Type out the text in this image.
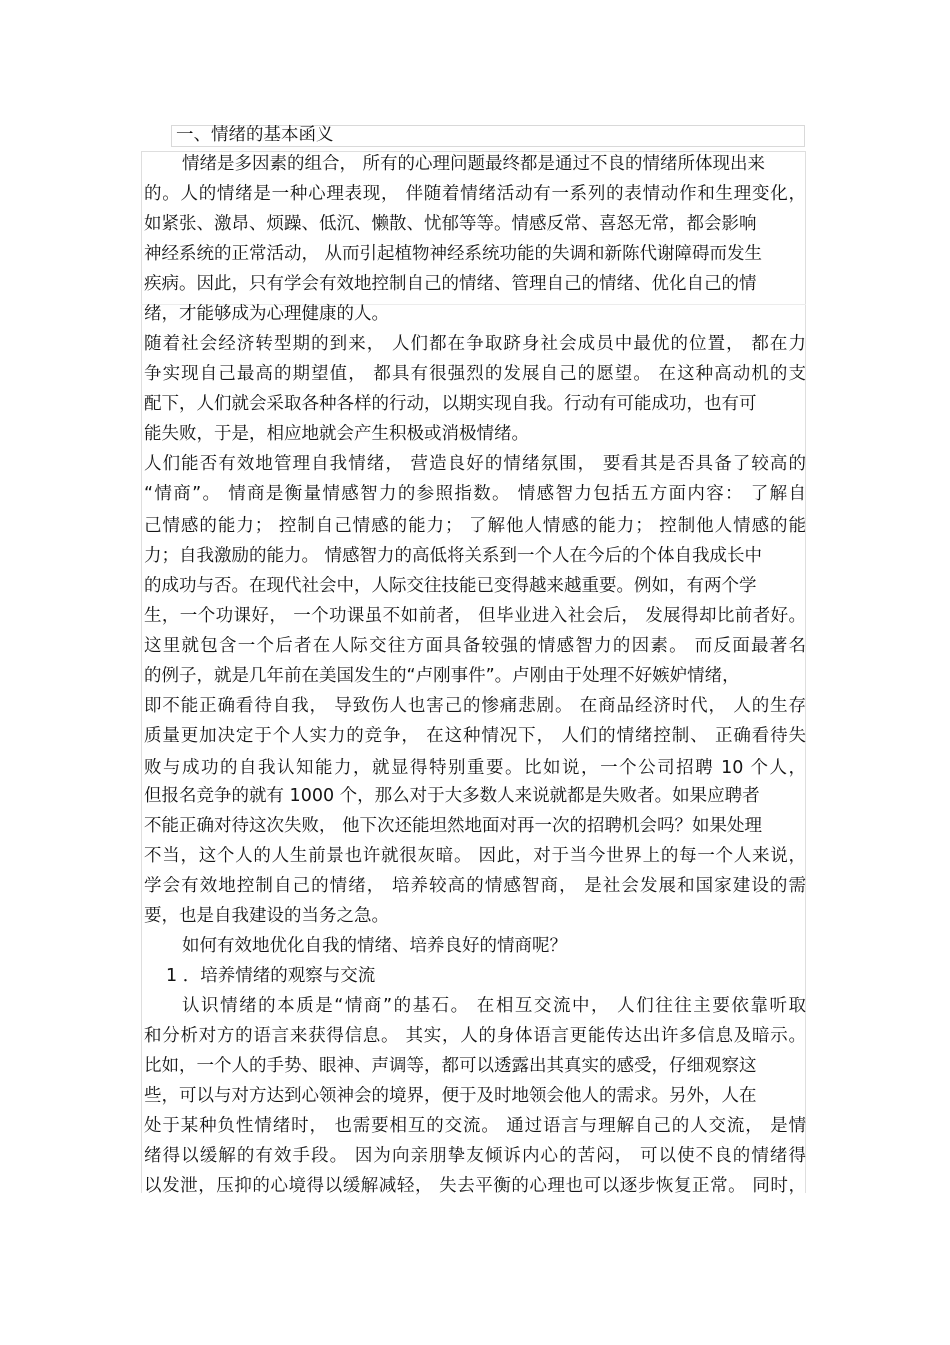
一、情绪的基本函义
情绪是多因素的组合， 所有的心理问题最终都是通过不良的情绪所体现出来
的。人的情绪是一种心理表现， 伴随着情绪活动有一系列的表情动作和生理变化，
如紧张、激昂、烦躁、低沉、懒散、忧郁等等。情感反常、喜怒无常，都会影响
神经系统的正常活动， 从而引起植物神经系统功能的失调和新陈代谢障碍而发生
疾病。因此，只有学会有效地控制自己的情绪、管理自己的情绪、优化自己的情
绪，才能够成为心理健康的人。
随着社会经济转型期的到来， 人们都在争取跻身社会成员中最优的位置， 都在力
争实现自己最高的期望值， 都具有很强烈的发展自己的愿望。 在这种高动机的支
配下，人们就会采取各种各样的行动，以期实现自我。行动有可能成功，也有可
能失败，于是，相应地就会产生积极或消极情绪。
人们能否有效地管理自我情绪， 营造良好的情绪氛围， 要看其是否具备了较高的
“情商”。 情商是衡量情感智力的参照指数。 情感智力包括五方面内容： 了解自
己情感的能力； 控制自己情感的能力； 了解他人情感的能力； 控制他人情感的能
力；自我激励的能力。 情感智力的高低将关系到一个人在今后的个体自我成长中
的成功与否。在现代社会中，人际交往技能已变得越来越重要。例如，有两个学
生，一个功课好， 一个功课虽不如前者， 但毕业进入社会后， 发展得却比前者好。
这里就包含一个后者在人际交往方面具备较强的情感智力的因素。 而反面最著名
的例子，就是几年前在美国发生的“卢刚事件”。卢刚由于处理不好嫉妒情绪，
即不能正确看待自我， 导致伤人也害己的惨痛悲剧。 在商品经济时代， 人的生存
质量更加决定于个人实力的竞争， 在这种情况下， 人们的情绪控制、 正确看待失
败与成功的自我认知能力，就显得特别重要。比如说，一个公司招聘 10 个人，
但报名竞争的就有 1000 个，那么对于大多数人来说就都是失败者。如果应聘者
不能正确对待这次失败， 他下次还能坦然地面对再一次的招聘机会吗？如果处理
不当，这个人的人生前景也许就很灰暗。 因此，对于当今世界上的每一个人来说，
学会有效地控制自己的情绪， 培养较高的情感智商， 是社会发展和国家建设的需
要，也是自我建设的当务之急。
如何有效地优化自我的情绪、培养良好的情商呢？
1 ．培养情绪的观察与交流
认识情绪的本质是“情商”的基石。 在相互交流中， 人们往往主要依靠听取
和分析对方的语言来获得信息。 其实，人的身体语言更能传达出许多信息及暗示。
比如，一个人的手势、眼神、声调等，都可以透露出其真实的感受，仔细观察这
些，可以与对方达到心领神会的境界，便于及时地领会他人的需求。另外，人在
处于某种负性情绪时， 也需要相互的交流。 通过语言与理解自己的人交流， 是情
绪得以缓解的有效手段。 因为向亲朋挚友倾诉内心的苦闷， 可以使不良的情绪得
以发泄，压抑的心境得以缓解减轻， 失去平衡的心理也可以逐步恢复正常。 同时，
